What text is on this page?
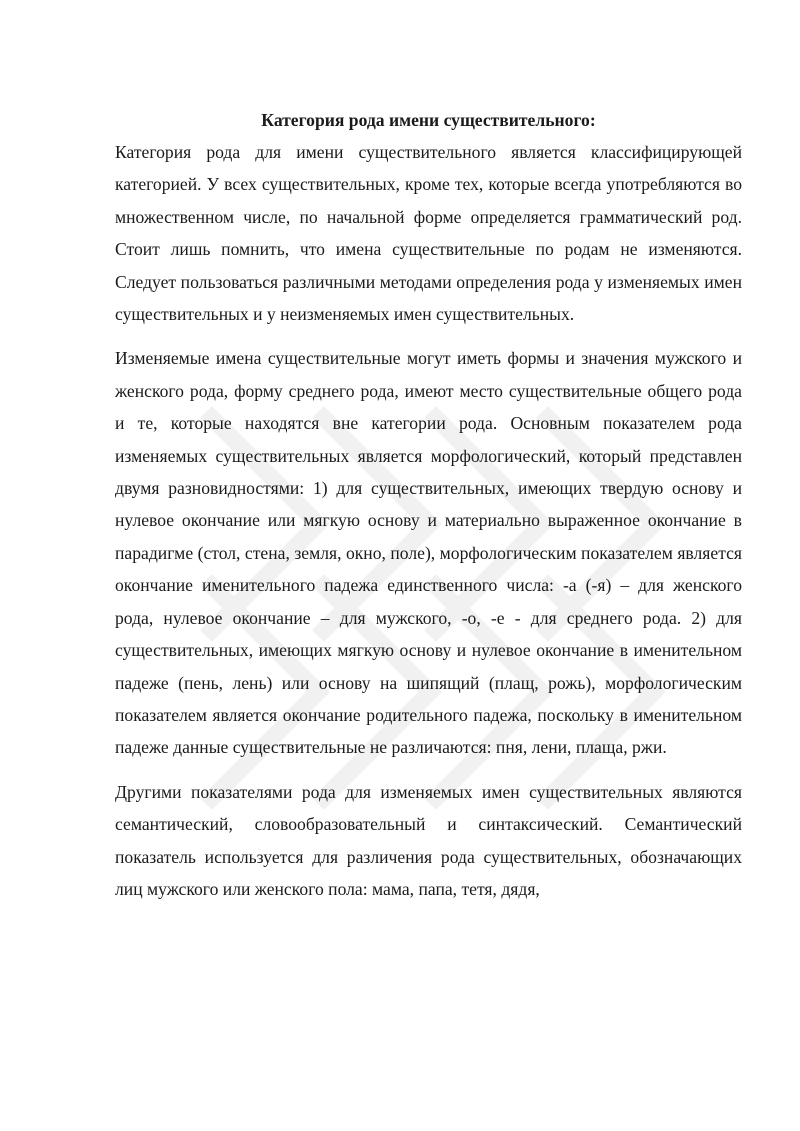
Категория рода имени существительного:

Категория рода для имени существительного является классифицирующей категорией. У всех существительных, кроме тех, которые всегда употребляются во множественном числе, по начальной форме определяется грамматический род. Стоит лишь помнить, что имена существительные по родам не изменяются. Следует пользоваться различными методами определения рода у изменяемых имен существительных и у неизменяемых имен существительных.

Изменяемые имена существительные могут иметь формы и значения мужского и женского рода, форму среднего рода, имеют место существительные общего рода и те, которые находятся вне категории рода. Основным показателем рода изменяемых существительных является морфологический, который представлен двумя разновидностями: 1) для существительных, имеющих твердую основу и нулевое окончание или мягкую основу и материально выраженное окончание в парадигме (стол, стена, земля, окно, поле), морфологическим показателем является окончание именительного падежа единственного числа: -а (-я) – для женского рода, нулевое окончание – для мужского, -о, -е - для среднего рода. 2) для существительных, имеющих мягкую основу и нулевое окончание в именительном падеже (пень, лень) или основу на шипящий (плащ, рожь), морфологическим показателем является окончание родительного падежа, поскольку в именительном падеже данные существительные не различаются: пня, лени, плаща, ржи.

Другими показателями рода для изменяемых имен существительных являются семантический, словообразовательный и синтаксический. Семантический показатель используется для различения рода существительных, обозначающих лиц мужского или женского пола: мама, папа, тетя, дядя,
